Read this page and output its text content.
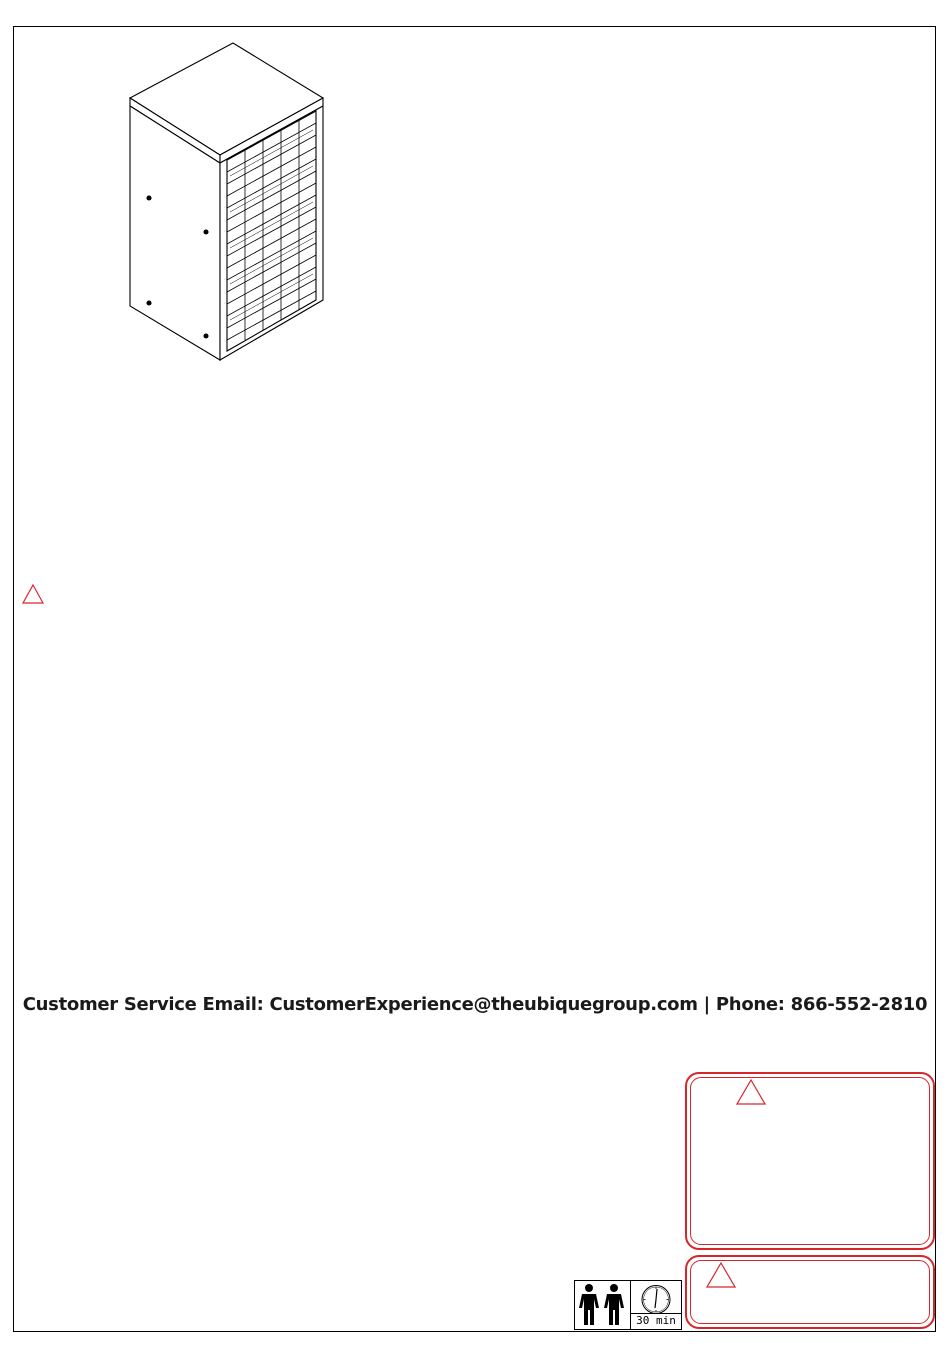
Customer Service Email: CustomerExperience@theubiquegroup.com | Phone: 866-552-2810
30 min
